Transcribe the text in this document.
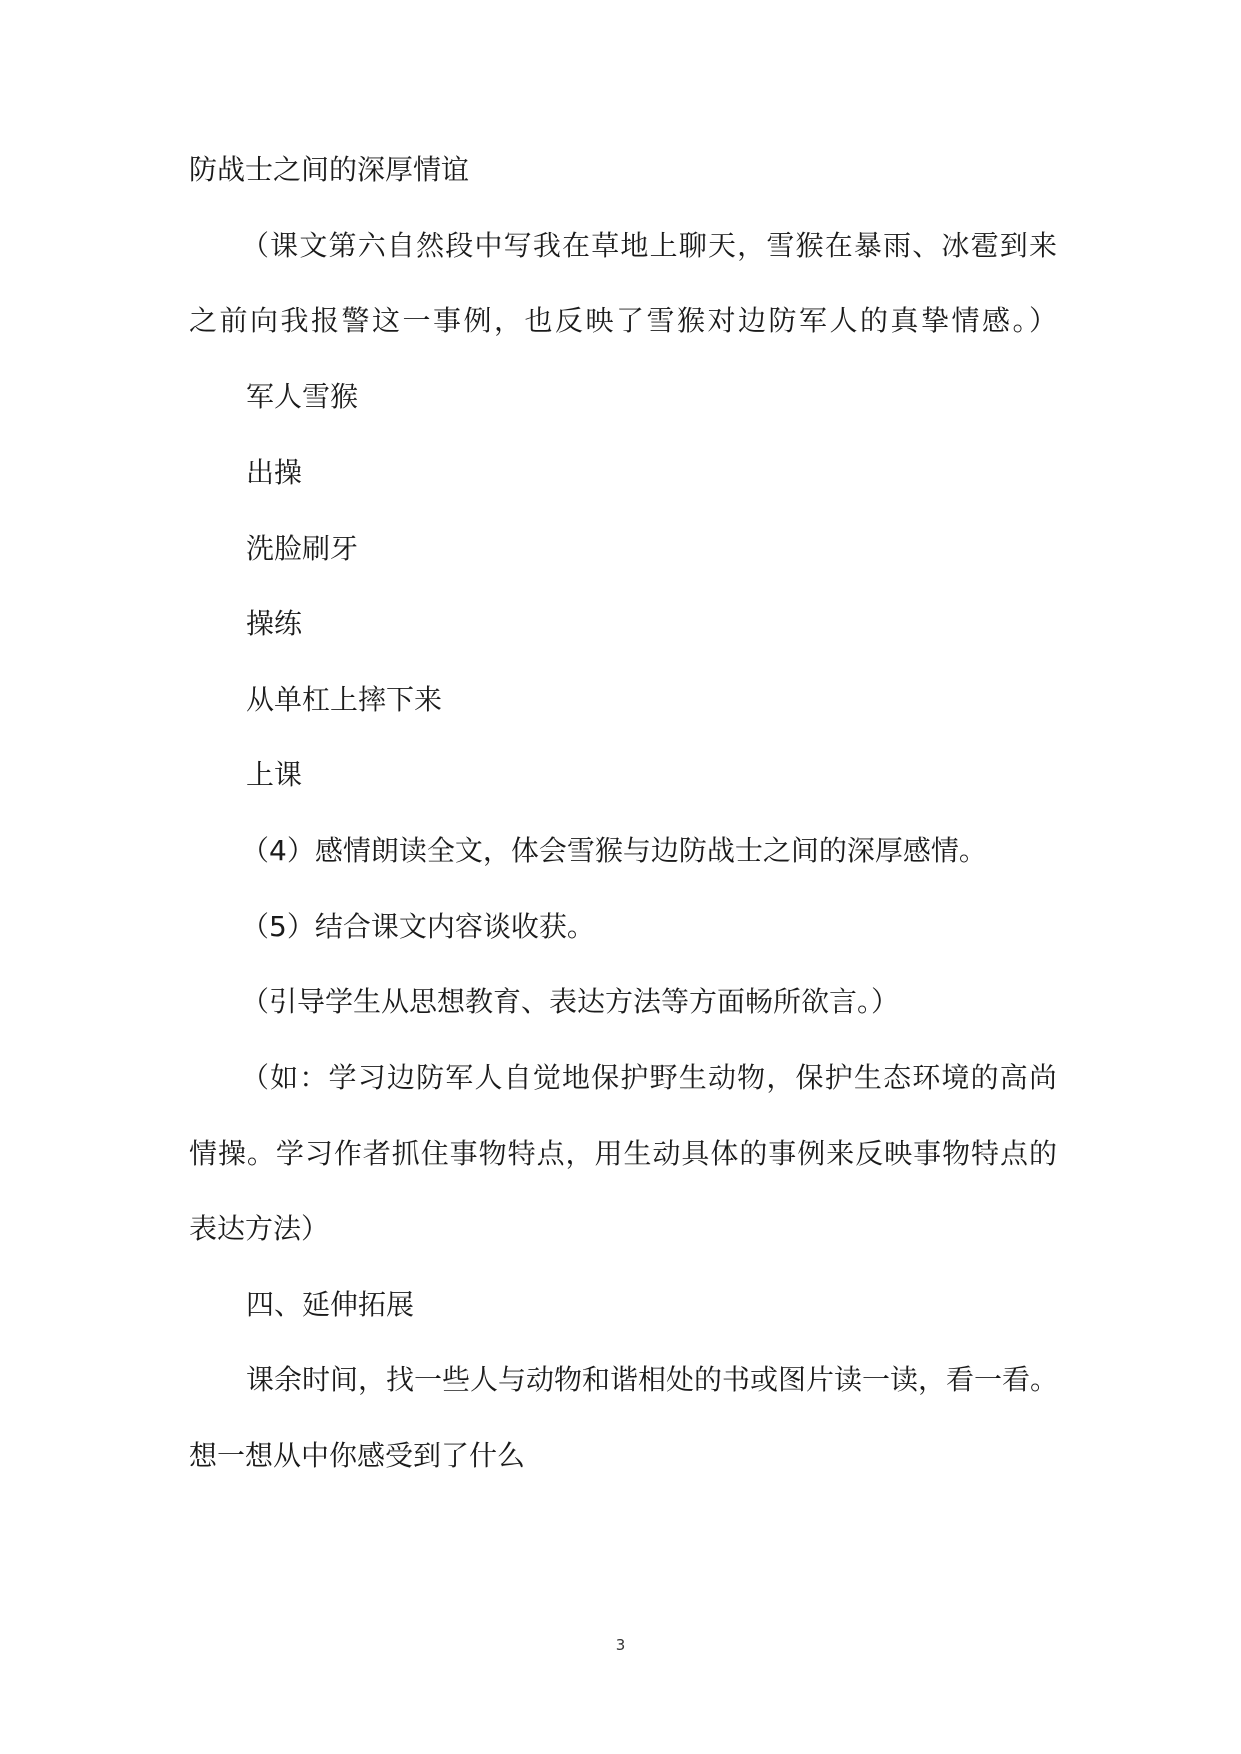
防战士之间的深厚情谊
（课文第六自然段中写我在草地上聊天，雪猴在暴雨、冰雹到来
之前向我报警这一事例，也反映了雪猴对边防军人的真挚情感。）
军人雪猴
出操
洗脸刷牙
操练
从单杠上摔下来
上课
（4）感情朗读全文，体会雪猴与边防战士之间的深厚感情。
（5）结合课文内容谈收获。
（引导学生从思想教育、表达方法等方面畅所欲言。）
（如：学习边防军人自觉地保护野生动物，保护生态环境的高尚
情操。学习作者抓住事物特点，用生动具体的事例来反映事物特点的
表达方法）
四、延伸拓展
课余时间，找一些人与动物和谐相处的书或图片读一读，看一看。
想一想从中你感受到了什么
3
